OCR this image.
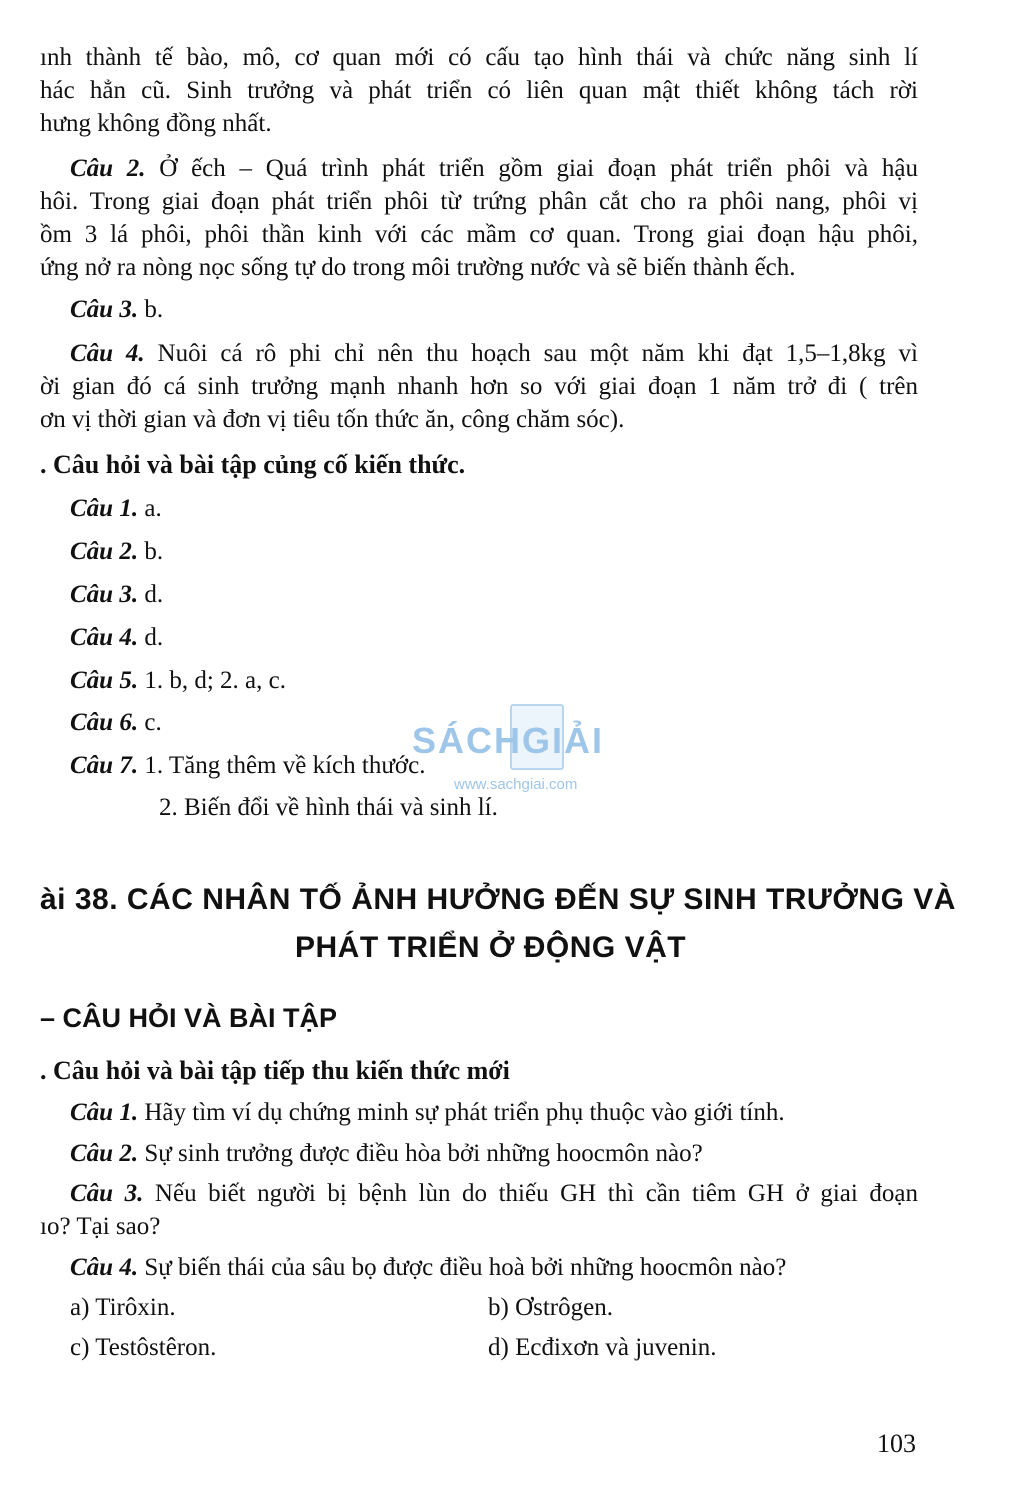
ınh thành tế bào, mô, cơ quan mới có cấu tạo hình thái và chức năng sinh lí
hác hẳn cũ. Sinh trưởng và phát triển có liên quan mật thiết không tách rời
hưng không đồng nhất.
Câu 2. Ở ếch – Quá trình phát triển gồm giai đoạn phát triển phôi và hậu
hôi. Trong giai đoạn phát triển phôi từ trứng phân cắt cho ra phôi nang, phôi vị
ồm 3 lá phôi, phôi thần kinh với các mầm cơ quan. Trong giai đoạn hậu phôi,
ứng nở ra nòng nọc sống tự do trong môi trường nước và sẽ biến thành ếch.
Câu 3. b.
Câu 4. Nuôi cá rô phi chỉ nên thu hoạch sau một năm khi đạt 1,5–1,8kg vì
ời gian đó cá sinh trưởng mạnh nhanh hơn so với giai đoạn 1 năm trở đi ( trên
ơn vị thời gian và đơn vị tiêu tốn thức ăn, công chăm sóc).
. Câu hỏi và bài tập củng cố kiến thức.
Câu 1. a.
Câu 2. b.
Câu 3. d.
Câu 4. d.
Câu 5. 1. b, d; 2. a, c.
Câu 6. c.
Câu 7. 1. Tăng thêm về kích thước.
2. Biến đổi về hình thái và sinh lí.
SÁCHGIẢI
www.sachgiai.com
ài 38. CÁC NHÂN TỐ ẢNH HƯỞNG ĐẾN SỰ SINH TRƯỞNG VÀ
PHÁT TRIỂN Ở ĐỘNG VẬT
– CÂU HỎI VÀ BÀI TẬP
. Câu hỏi và bài tập tiếp thu kiến thức mới
Câu 1. Hãy tìm ví dụ chứng minh sự phát triển phụ thuộc vào giới tính.
Câu 2. Sự sinh trưởng được điều hòa bởi những hoocmôn nào?
Câu 3. Nếu biết người bị bệnh lùn do thiếu GH thì cần tiêm GH ở giai đoạn
ıo? Tại sao?
Câu 4. Sự biến thái của sâu bọ được điều hoà bởi những hoocmôn nào?
a) Tirôxin.	b) Ơstrôgen.
c) Testôstêron.	d) Ecđixơn và juvenin.
103
